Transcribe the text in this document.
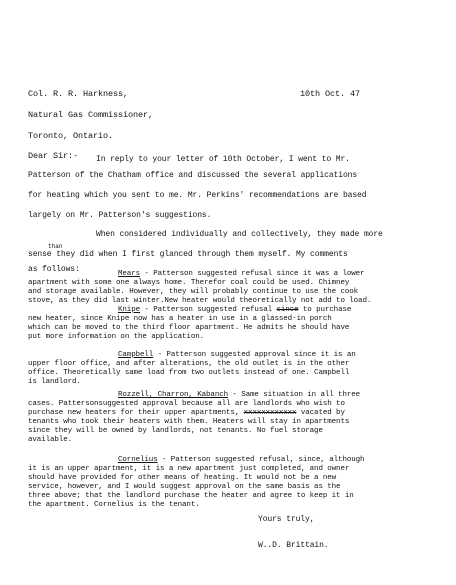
Col. R. R. Harkness,	10th Oct. 47
Natural Gas Commissioner,
Toronto, Ontario.
Dear Sir:- In reply to your letter of 10th October, I went to Mr.
Patterson of the Chatham office and discussed the several applications
for heating which you sent to me. Mr. Perkins' recommendations are based
largely on Mr. Patterson's suggestions.
When considered individually and collectively, they made more
than
sense they did when I first glanced through them myself. My comments
as follows:	Mears - Patterson suggested refusal since it was a lower
apartment with some one always home. Therefor coal could be used. Chimney
and storage available. However, they will probably continue to use the cook
stove, as they did last winter.New heater would theoretically not add to load.
Knipe - Patterson suggested refusal since to purchase
new heater, since Knipe now has a heater in use in a glassed-in porch
which can be moved to the third floor apartment. He admits he should have
put more information on the application.
Campbell - Patterson suggested approval since it is an
upper floor office, and after alterations, the old outlet is in the other
office. Theoretically same load from two outlets instead of one. Campbell
is landlord.
Rozzell, Charron, Kabanch - Same situation in all three
cases. Pattersonsuggested approval because all are landlords who wish to
purchase new heaters for their upper apartments, xxxxxxxxxxxx vacated by
tenants who took their heaters with them. Heaters will stay in apartments
since they will be owned by landlords, not tenants. No fuel storage
available.
Cornelius - Patterson suggested refusal, since, although
it is an upper apartment, it is a new apartment just completed, and owner
should have provided for other means of heating. It would not be a new
service, however, and I would suggest approval on the same basis as the
three above; that the landlord purchase the heater and agree to keep it in
the apartment. Cornelius is the tenant.
Yours truly,
W..D. Brittain.
